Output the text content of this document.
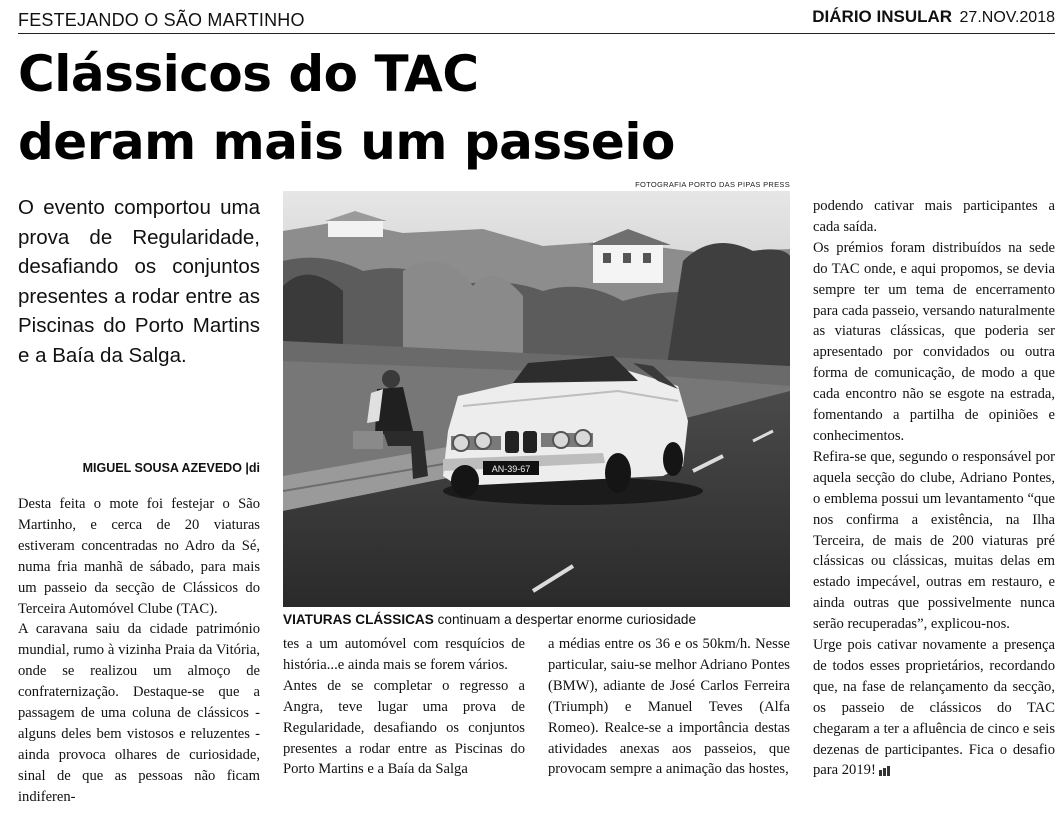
FESTEJANDO O SÃO MARTINHO	DIÁRIO INSULAR 27.NOV.2018
Clássicos do TAC
deram mais um passeio
O evento comportou uma prova de Regularidade, desafiando os conjuntos presentes a rodar entre as Piscinas do Porto Martins e a Baía da Salga.
MIGUEL SOUSA AZEVEDO |di

Desta feita o mote foi festejar o São Martinho, e cerca de 20 viaturas estiveram concentradas no Adro da Sé, numa fria manhã de sábado, para mais um passeio da secção de Clássicos do Terceira Automóvel Clube (TAC).

A caravana saiu da cidade património mundial, rumo à vizinha Praia da Vitória, onde se realizou um almoço de confraternização. Destaque-se que a passagem de uma coluna de clássicos - alguns deles bem vistosos e reluzentes - ainda provoca olhares de curiosidade, sinal de que as pessoas não ficam indiferen-

FOTOGRAFIA PORTO DAS PIPAS PRESS
AN-39-67
VIATURAS CLÁSSICAS continuam a despertar enorme curiosidade

tes a um automóvel com resquícios de história...e ainda mais se forem vários.

Antes de se completar o regresso a Angra, teve lugar uma prova de Regularidade, desafiando os conjuntos presentes a rodar entre as Piscinas do Porto Martins e a Baía da Salga

a médias entre os 36 e os 50km/h. Nesse particular, saiu-se melhor Adriano Pontes (BMW), adiante de José Carlos Ferreira (Triumph) e Manuel Teves (Alfa Romeo). Realce-se a importância destas atividades anexas aos passeios, que provocam sempre a animação das hostes,

podendo cativar mais participantes a cada saída.

Os prémios foram distribuídos na sede do TAC onde, e aqui propomos, se devia sempre ter um tema de encerramento para cada passeio, versando naturalmente as viaturas clássicas, que poderia ser apresentado por convidados ou outra forma de comunicação, de modo a que cada encontro não se esgote na estrada, fomentando a partilha de opiniões e conhecimentos.

Refira-se que, segundo o responsável por aquela secção do clube, Adriano Pontes, o emblema possui um levantamento “que nos confirma a existência, na Ilha Terceira, de mais de 200 viaturas pré clássicas ou clássicas, muitas delas em estado impecável, outras em restauro, e ainda outras que possivelmente nunca serão recuperadas”, explicou-nos.

Urge pois cativar novamente a presença de todos esses proprietários, recordando que, na fase de relançamento da secção, os passeio de clássicos do TAC chegaram a ter a afluência de cinco e seis dezenas de participantes. Fica o desafio para 2019!
